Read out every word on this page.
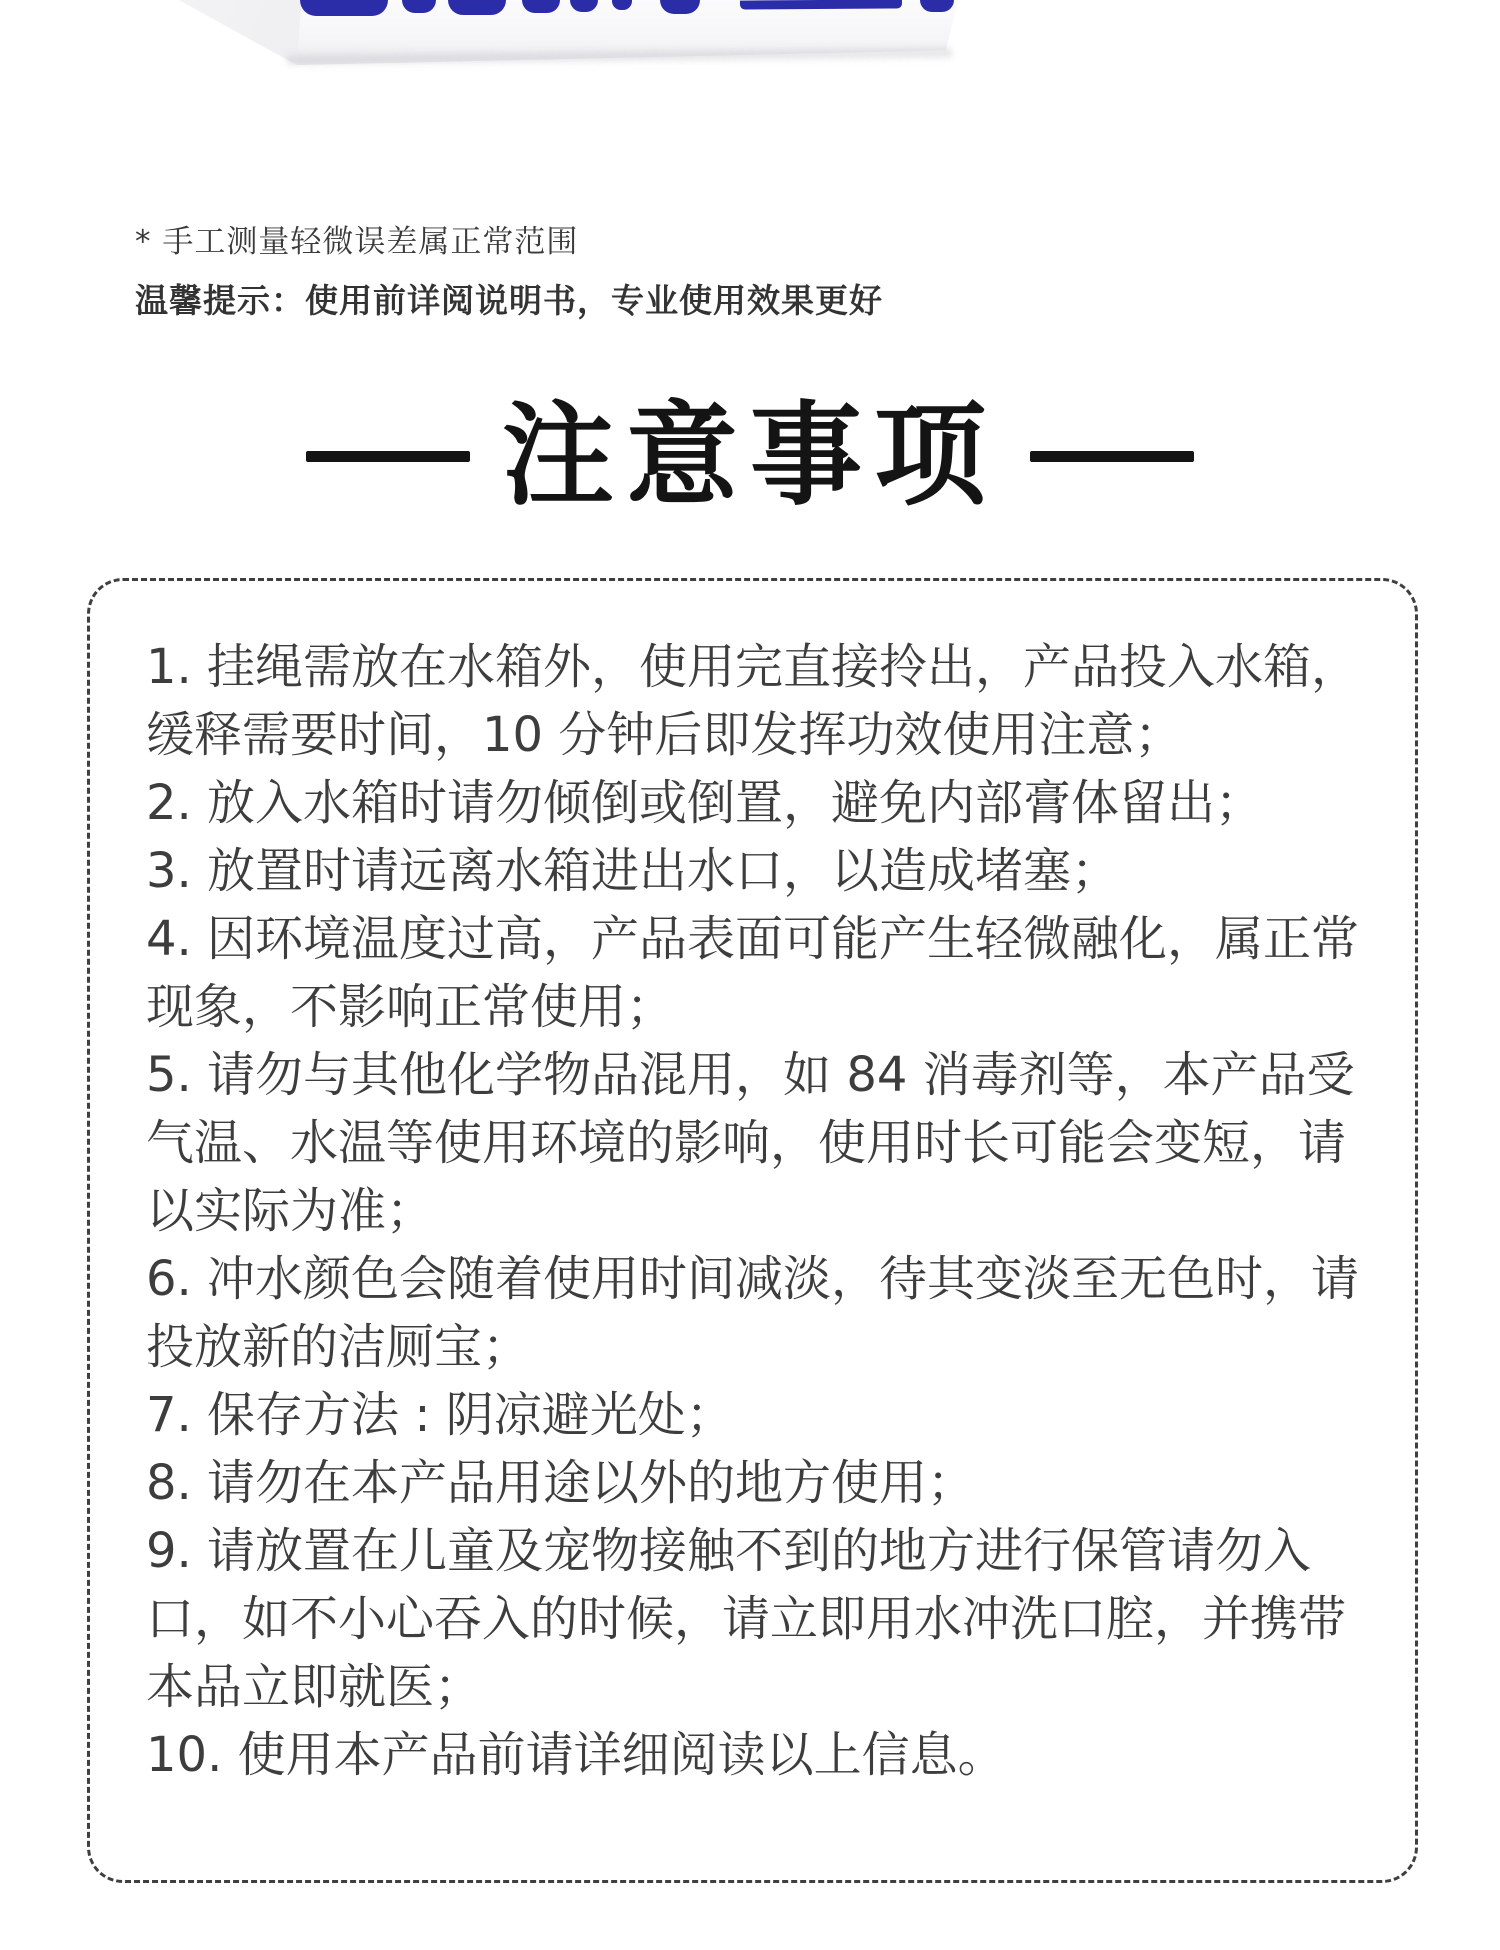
* 手工测量轻微误差属正常范围
温馨提示：使用前详阅说明书，专业使用效果更好
注意事项

1. 挂绳需放在水箱外，使用完直接拎出，产品投入水箱，缓释需要时间，10 分钟后即发挥功效使用注意；

2. 放入水箱时请勿倾倒或倒置，避免内部膏体留出；

3. 放置时请远离水箱进出水口，以造成堵塞；

4. 因环境温度过高，产品表面可能产生轻微融化，属正常现象，不影响正常使用；

5. 请勿与其他化学物品混用，如 84 消毒剂等，本产品受气温、水温等使用环境的影响，使用时长可能会变短，请以实际为准；

6. 冲水颜色会随着使用时间减淡，待其变淡至无色时，请投放新的洁厕宝；

7. 保存方法 : 阴凉避光处；

8. 请勿在本产品用途以外的地方使用；

9. 请放置在儿童及宠物接触不到的地方进行保管请勿入口，如不小心吞入的时候，请立即用水冲洗口腔，并携带本品立即就医；

10. 使用本产品前请详细阅读以上信息。
